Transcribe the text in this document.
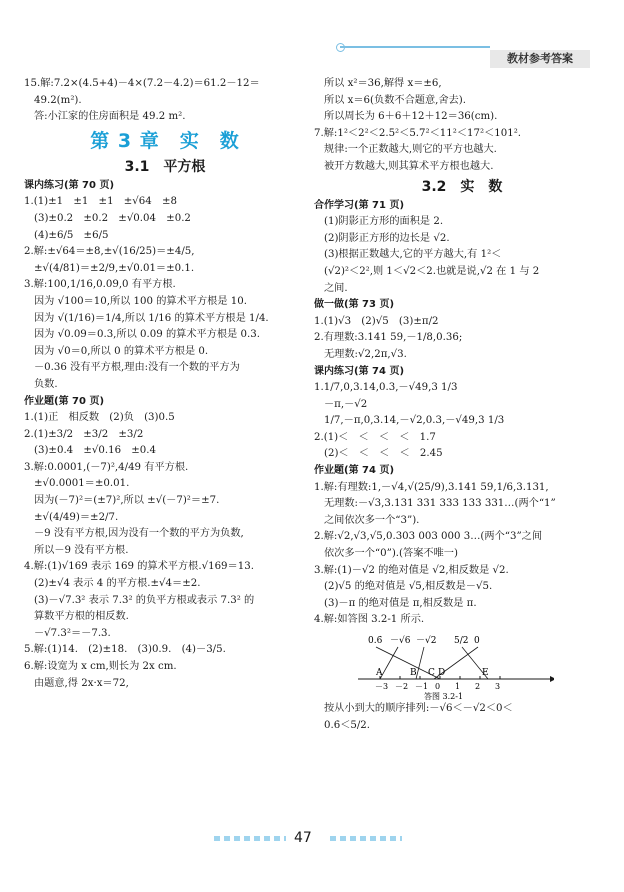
教材参考答案

15.解:7.2×(4.5+4)－4×(7.2－4.2)＝61.2－12＝

49.2(m²).

答:小江家的住房面积是 49.2 m².

第 3 章　实　数

3.1　平方根

课内练习(第 70 页)

1.(1)±1　±1　±1　±√64　±8

(3)±0.2　±0.2　±√0.04　±0.2

(4)±6/5　±6/5

2.解:±√64＝±8,±√(16/25)＝±4/5,

±√(4/81)＝±2/9,±√0.01＝±0.1.

3.解:100,1/16,0.09,0 有平方根.

因为 √100＝10,所以 100 的算术平方根是 10.

因为 √(1/16)＝1/4,所以 1/16 的算术平方根是 1/4.

因为 √0.09＝0.3,所以 0.09 的算术平方根是 0.3.

因为 √0＝0,所以 0 的算术平方根是 0.

－0.36 没有平方根,理由:没有一个数的平方为

负数.

作业题(第 70 页)

1.(1)正　相反数　(2)负　(3)0.5

2.(1)±3/2　±3/2　±3/2

(3)±0.4　±√0.16　±0.4

3.解:0.0001,(－7)²,4/49 有平方根.

±√0.0001＝±0.01.

因为(－7)²＝(±7)²,所以 ±√(－7)²＝±7.

±√(4/49)＝±2/7.

－9 没有平方根,因为没有一个数的平方为负数,

所以－9 没有平方根.

4.解:(1)√169 表示 169 的算术平方根.√169＝13.

(2)±√4 表示 4 的平方根.±√4＝±2.

(3)－√7.3² 表示 7.3² 的负平方根或表示 7.3² 的

算数平方根的相反数.

－√7.3²＝－7.3.

5.解:(1)14.　(2)±18.　(3)0.9.　(4)－3/5.

6.解:设宽为 x cm,则长为 2x cm.

由题意,得 2x·x＝72,

所以 x²＝36,解得 x＝±6,

所以 x＝6(负数不合题意,舍去).

所以周长为 6＋6＋12＋12＝36(cm).

7.解:1²＜2²＜2.5²＜5.7²＜11²＜17²＜101².

规律:一个正数越大,则它的平方也越大.

被开方数越大,则其算术平方根也越大.

3.2　实　数

合作学习(第 71 页)

(1)阴影正方形的面积是 2.

(2)阴影正方形的边长是 √2.

(3)根据正数越大,它的平方越大,有 1²＜

(√2)²＜2²,则 1＜√2＜2.也就是说,√2 在 1 与 2

之间.

做一做(第 73 页)

1.(1)√3　(2)√5　(3)±π/2

2.有理数:3.141 59,－1/8,0.36̇;

无理数:√2,2π,√3.

课内练习(第 74 页)

1.1/7,0,3.14,0.3,－√49,3 1/3

－π,－√2

1/7,－π,0,3.14,－√2,0.3,－√49,3 1/3

2.(1)＜　＜　＜　＜　1.7

(2)＜　＜　＜　＜　2.45

作业题(第 74 页)

1.解:有理数:1,－√4,√(25/9),3.141 59,1/6,3.131,

无理数:－√3,3.131 331 333 133 331…(两个“1”

之间依次多一个“3”).

2.解:√2,√3,√5,0.303 003 000 3…(两个“3”之间

依次多一个“0”).(答案不唯一)

3.解:(1)－√2 的绝对值是 √2,相反数是 √2.

(2)√5 的绝对值是 √5,相反数是－√5.

(3)－π 的绝对值是 π,相反数是 π.

4.解:如答图 3.2-1 所示.

－3 －2 －1 0 1 2 3
0.6̇ －√6 －√2 5/2 0
A	B C D	E
答图 3.2-1

按从小到大的顺序排列:－√6＜－√2＜0＜

0.6̇＜5/2.

47
